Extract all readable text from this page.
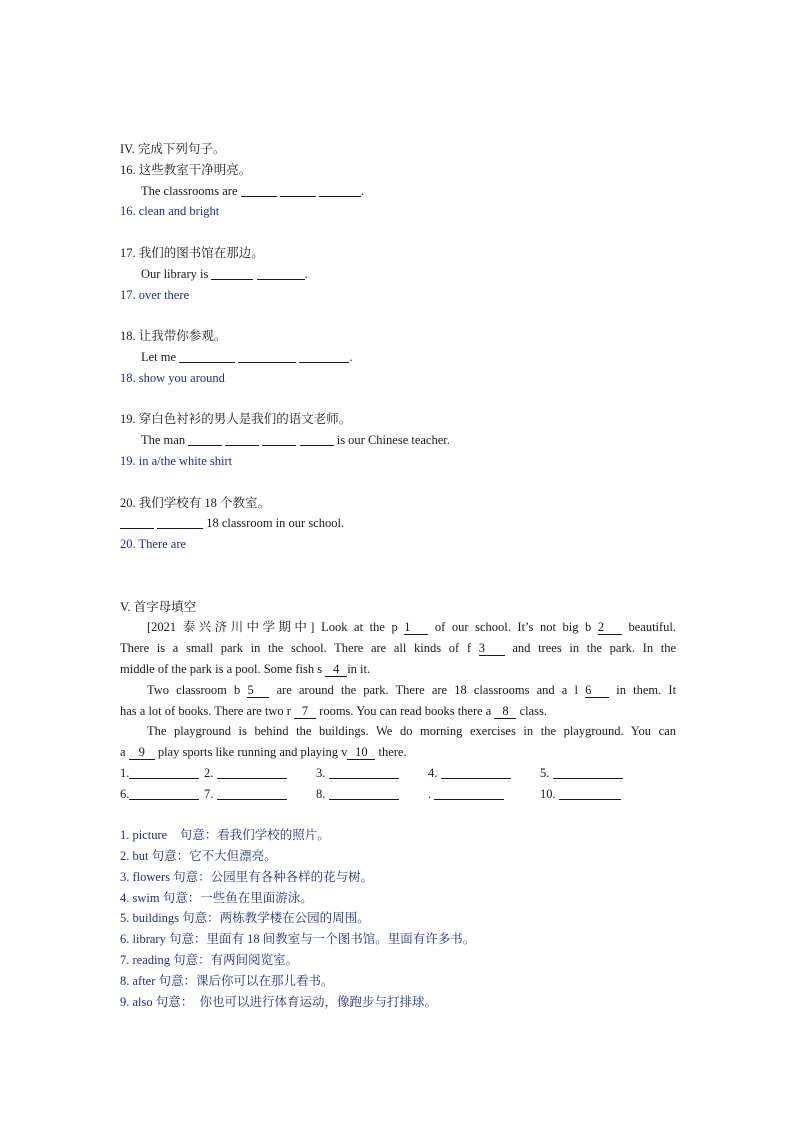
IV. 完成下列句子。
16. 这些教室干净明亮。
The classrooms are	.
16. clean and bright
17. 我们的图书馆在那边。
Our library is	.
17. over there
18. 让我带你参观。
Let me	.
18. show you around
19. 穿白色衬衫的男人是我们的语文老师。
The man	is our Chinese teacher.
19. in a/the white shirt
20. 我们学校有 18 个教室。
18 classroom in our school.
20. There are
V. 首字母填空
[2021 泰兴济川中学期中] Look at the p 1 of our school. It’s not big b 2 beautiful.
There is a small park in the school. There are all kinds of f 3 and trees in the park. In the
middle of the park is a pool. Some fish s 4 in it.
Two classroom b 5 are around the park. There are 18 classrooms and a l 6 in them. It
has a lot of books. There are two r 7 rooms. You can read books there a 8 class.
The playground is behind the buildings. We do morning exercises in the playground. You can
a 9 play sports like running and playing v 10 there.
1.	2.	3.	4.	5.
6.	7.	8.	.	10.
1. picture　句意：看我们学校的照片。
2. but 句意：它不大但漂亮。
3. flowers 句意：公园里有各种各样的花与树。
4. swim 句意：一些鱼在里面游泳。
5. buildings 句意：两栋教学楼在公园的周围。
6. library 句意：里面有 18 间教室与一个图书馆。里面有许多书。
7. reading 句意：有两间阅览室。
8. after 句意：课后你可以在那儿看书。
9. also 句意：　你也可以进行体育运动，像跑步与打排球。
